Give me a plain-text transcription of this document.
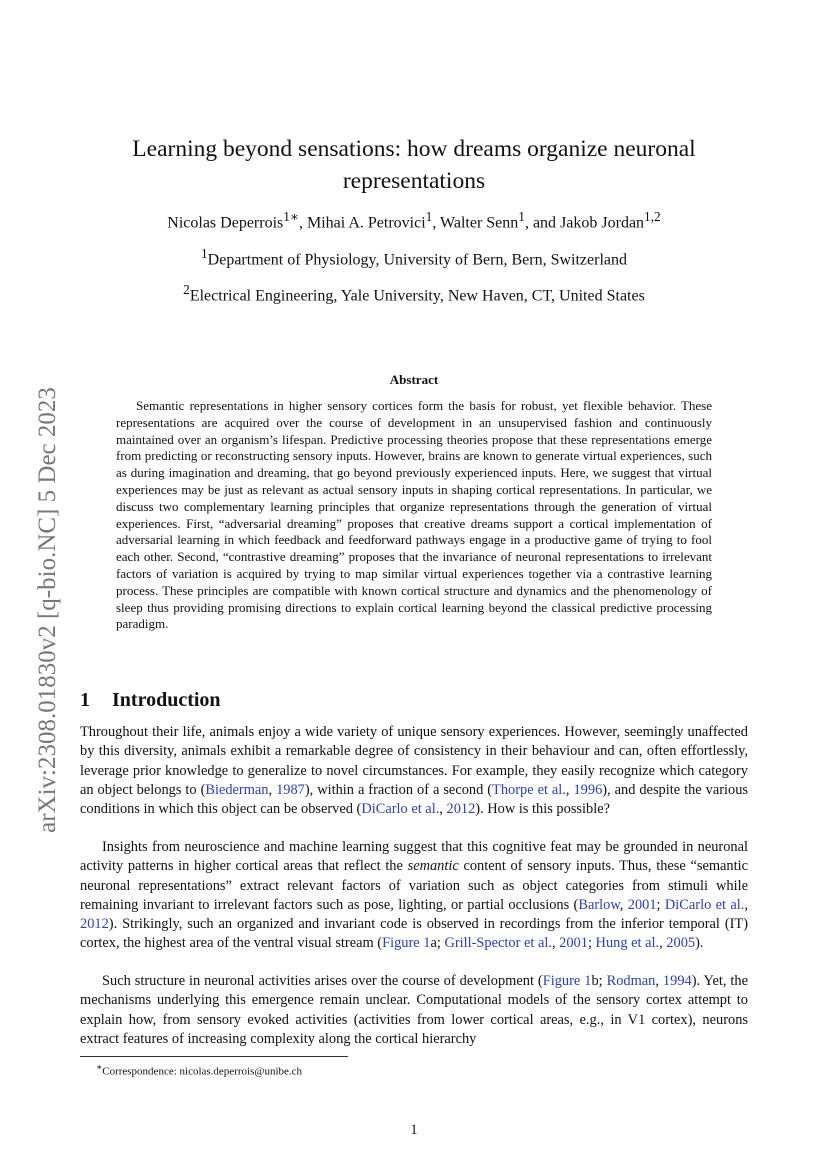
arXiv:2308.01830v2 [q-bio.NC] 5 Dec 2023
Learning beyond sensations: how dreams organize neuronal
representations
Nicolas Deperrois$^{1∗}$, Mihai A. Petrovici$^1$, Walter Senn$^1$, and Jakob Jordan$^{1,2}$
$^1$Department of Physiology, University of Bern, Bern, Switzerland
$^2$Electrical Engineering, Yale University, New Haven, CT, United States
Abstract
Semantic representations in higher sensory cortices form the basis for robust, yet flexible behavior. These representations are acquired over the course of development in an unsupervised fashion and continuously maintained over an organism’s lifespan. Predictive processing theories propose that these representations emerge from predicting or reconstructing sensory inputs. However, brains are known to generate virtual experiences, such as during imagination and dreaming, that go beyond previously experienced inputs. Here, we suggest that virtual experiences may be just as relevant as actual sensory inputs in shaping cortical representations. In particular, we discuss two complementary learning principles that organize representations through the generation of virtual experiences. First, “adversarial dreaming” proposes that creative dreams support a cortical implementation of adversarial learning in which feedback and feedforward pathways engage in a productive game of trying to fool each other. Second, “contrastive dreaming” proposes that the invariance of neuronal representations to irrelevant factors of variation is acquired by trying to map similar virtual experiences together via a contrastive learning process. These principles are compatible with known cortical structure and dynamics and the phenomenology of sleep thus providing promising directions to explain cortical learning beyond the classical predictive processing paradigm.
1 Introduction
Throughout their life, animals enjoy a wide variety of unique sensory experiences. However, seemingly unaffected by this diversity, animals exhibit a remarkable degree of consistency in their behaviour and can, often effortlessly, leverage prior knowledge to generalize to novel circumstances. For example, they easily recognize which category an object belongs to (Biederman, 1987), within a fraction of a second (Thorpe et al., 1996), and despite the various conditions in which this object can be observed (DiCarlo et al., 2012). How is this possible?
Insights from neuroscience and machine learning suggest that this cognitive feat may be grounded in neuronal activity patterns in higher cortical areas that reflect the semantic content of sensory inputs. Thus, these “semantic neuronal representations” extract relevant factors of variation such as object categories from stimuli while remaining invariant to irrelevant factors such as pose, lighting, or partial occlusions (Barlow, 2001; DiCarlo et al., 2012). Strikingly, such an organized and invariant code is observed in recordings from the inferior temporal (IT) cortex, the highest area of the ventral visual stream (Figure 1a; Grill-Spector et al., 2001; Hung et al., 2005).
Such structure in neuronal activities arises over the course of development (Figure 1b; Rodman, 1994). Yet, the mechanisms underlying this emergence remain unclear. Computational models of the sensory cortex attempt to explain how, from sensory evoked activities (activities from lower cortical areas, e.g., in V1 cortex), neurons extract features of increasing complexity along the cortical hierarchy
∗Correspondence: nicolas.deperrois@unibe.ch
1
